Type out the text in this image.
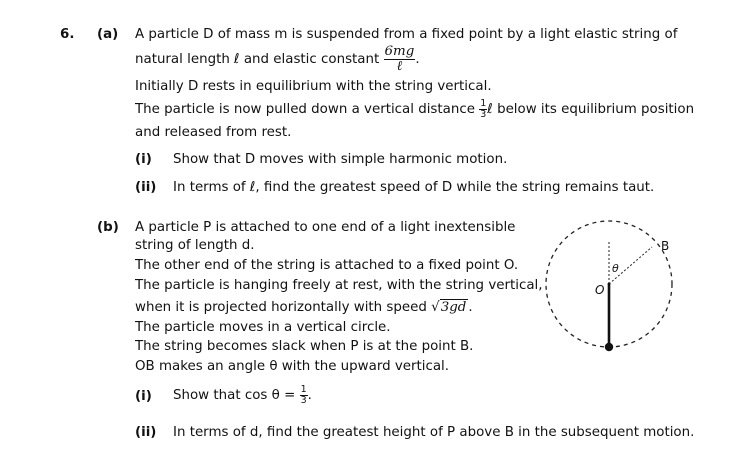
6. (a) A particle D of mass m is suspended from a fixed point by a light elastic string of
natural length ℓ and elastic constant $\frac{6mg}{\text{ℓ}}$ .
Initially D rests in equilibrium with the string vertical.
The particle is now pulled down a vertical distance $\frac{1}{3}$ ℓ below its equilibrium position
and released from rest.
(i) Show that D moves with simple harmonic motion.
(ii) In terms of ℓ, find the greatest speed of D while the string remains taut.
(b) A particle P is attached to one end of a light inextensible
string of length d.
The other end of the string is attached to a fixed point O.
The particle is hanging freely at rest, with the string vertical,
when it is projected horizontally with speed √3gd .
The particle moves in a vertical circle.
The string becomes slack when P is at the point B.
OB makes an angle θ with the upward vertical.
(i) Show that $\cos \theta = \frac{1}{3}$ .
(ii) In terms of d, find the greatest height of P above B in the subsequent motion.
B
O
θ
